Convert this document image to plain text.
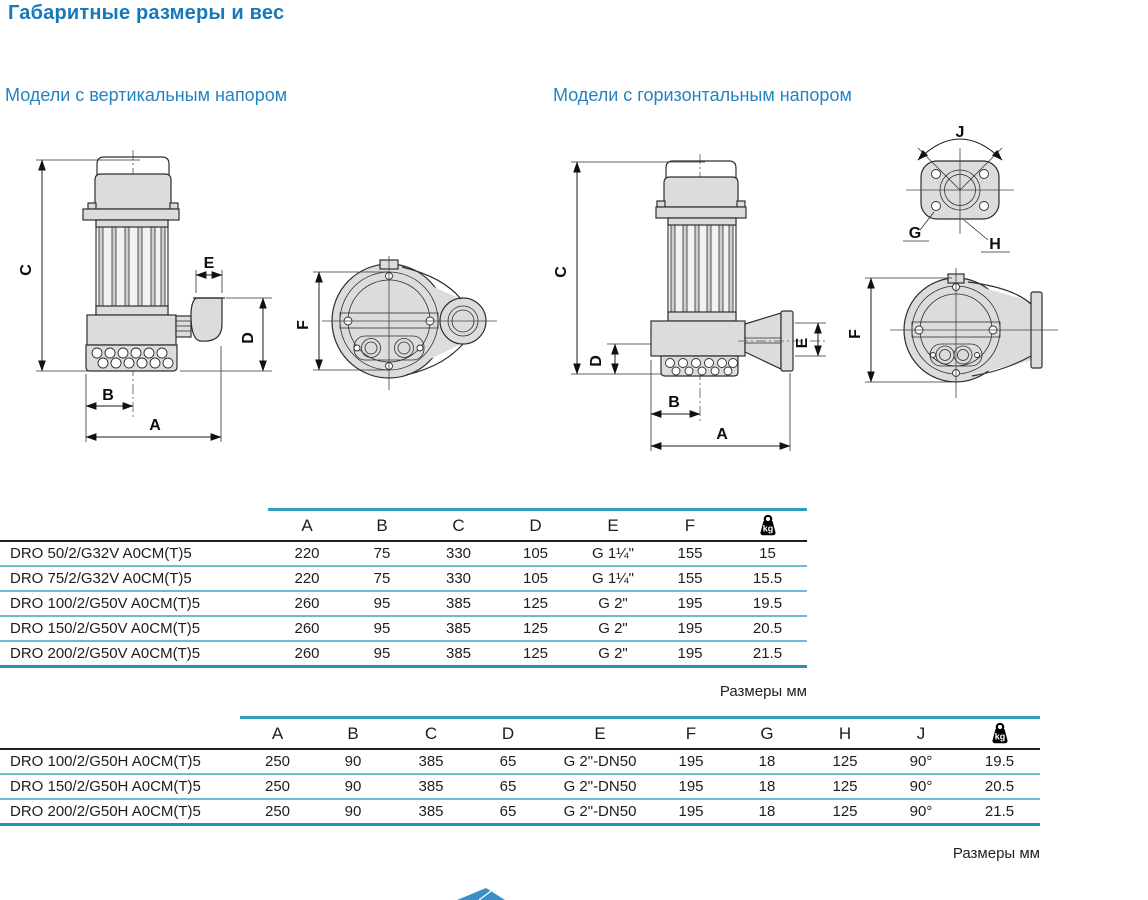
Габаритные размеры и вес
Модели с вертикальным напором	Модели с горизонтальным напором
C	E
D
B
A
F
C
D
E
B
A
J
G
H
F
A	B	C	D	E	F	kg
DRO 50/2/G32V A0CM(T)5	220	75	330	105	G 1¼"	155	15
DRO 75/2/G32V A0CM(T)5	220	75	330	105	G 1¼"	155	15.5
DRO 100/2/G50V A0CM(T)5	260	95	385	125	G 2"	195	19.5
DRO 150/2/G50V A0CM(T)5	260	95	385	125	G 2"	195	20.5
DRO 200/2/G50V A0CM(T)5	260	95	385	125	G 2"	195	21.5
Размеры мм
A	B	C	D	E	F	G	H	J	kg
DRO 100/2/G50H A0CM(T)5	250	90	385	65	G 2"-DN50	195	18	125	90°	19.5
DRO 150/2/G50H A0CM(T)5	250	90	385	65	G 2"-DN50	195	18	125	90°	20.5
DRO 200/2/G50H A0CM(T)5	250	90	385	65	G 2"-DN50	195	18	125	90°	21.5
Размеры мм
